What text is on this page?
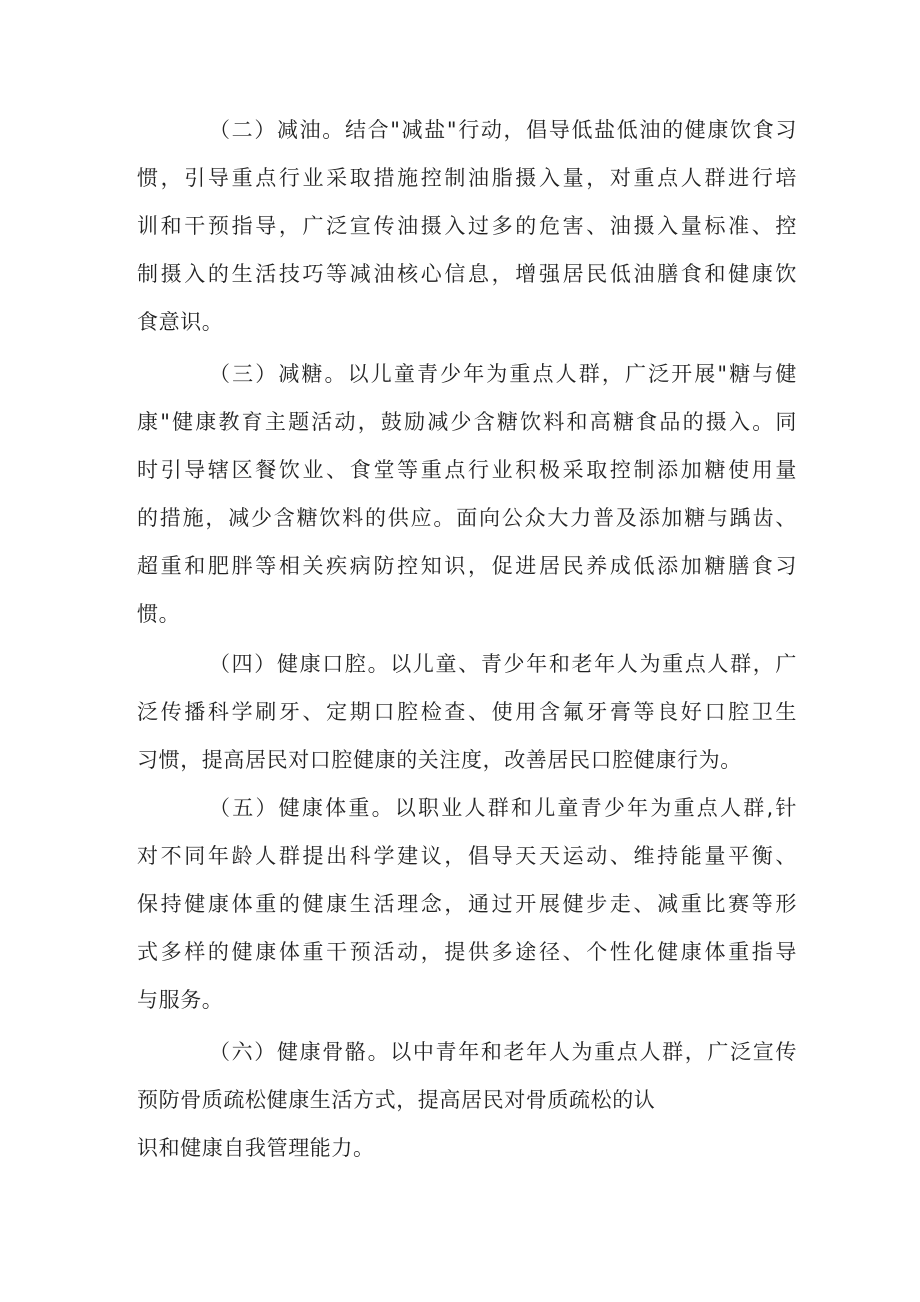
（二）减油。结合"减盐"行动，倡导低盐低油的健康饮食习
惯，引导重点行业采取措施控制油脂摄入量，对重点人群进行培
训和干预指导，广泛宣传油摄入过多的危害、油摄入量标准、控
制摄入的生活技巧等减油核心信息，增强居民低油膳食和健康饮
食意识。
（三）减糖。以儿童青少年为重点人群，广泛开展"糖与健
康"健康教育主题活动，鼓励减少含糖饮料和高糖食品的摄入。同
时引导辖区餐饮业、食堂等重点行业积极采取控制添加糖使用量
的措施，减少含糖饮料的供应。面向公众大力普及添加糖与踽齿、
超重和肥胖等相关疾病防控知识，促进居民养成低添加糖膳食习
惯。
（四）健康口腔。以儿童、青少年和老年人为重点人群，广
泛传播科学刷牙、定期口腔检查、使用含氟牙膏等良好口腔卫生
习惯，提高居民对口腔健康的关注度，改善居民口腔健康行为。
（五）健康体重。以职业人群和儿童青少年为重点人群,针
对不同年龄人群提出科学建议，倡导天天运动、维持能量平衡、
保持健康体重的健康生活理念，通过开展健步走、减重比赛等形
式多样的健康体重干预活动，提供多途径、个性化健康体重指导
与服务。
（六）健康骨骼。以中青年和老年人为重点人群，广泛宣传
预防骨质疏松健康生活方式，提高居民对骨质疏松的认
识和健康自我管理能力。
